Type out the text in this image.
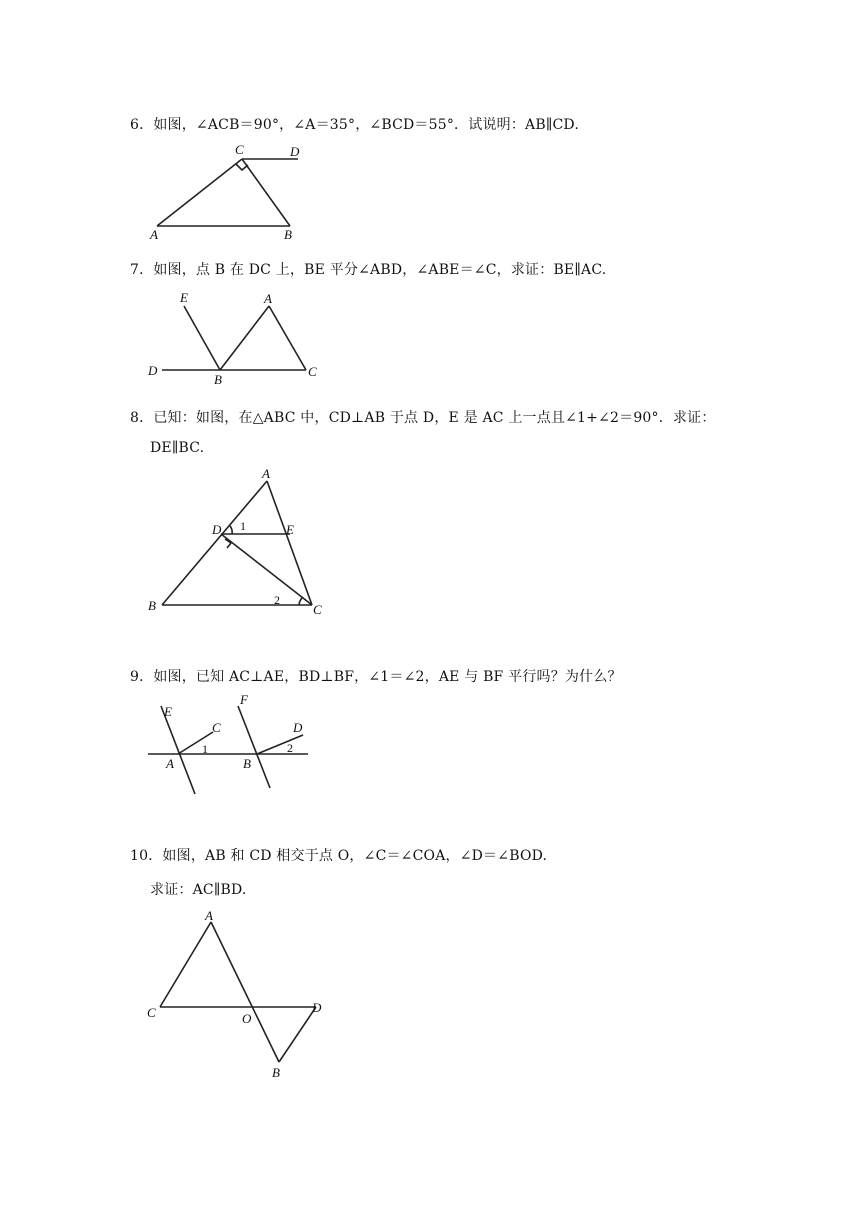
6．如图，∠ACB＝90°，∠A＝35°，∠BCD＝55°．试说明：AB∥CD.
C	D
A	B
7．如图，点 B 在 DC 上，BE 平分∠ABD，∠ABE＝∠C，求证：BE∥AC.
E	A
D
B
C
8．已知：如图，在△ABC 中，CD⊥AB 于点 D，E 是 AC 上一点且∠1+∠2＝90°．求证：
DE∥BC.
A
D 1	E
B	2
C
9．如图，已知 AC⊥AE，BD⊥BF，∠1＝∠2，AE 与 BF 平行吗？为什么？
E
C
F
D
A
1
B
2
10．如图，AB 和 CD 相交于点 O，∠C＝∠COA，∠D＝∠BOD.
求证：AC∥BD.
A
C	O
D
B
